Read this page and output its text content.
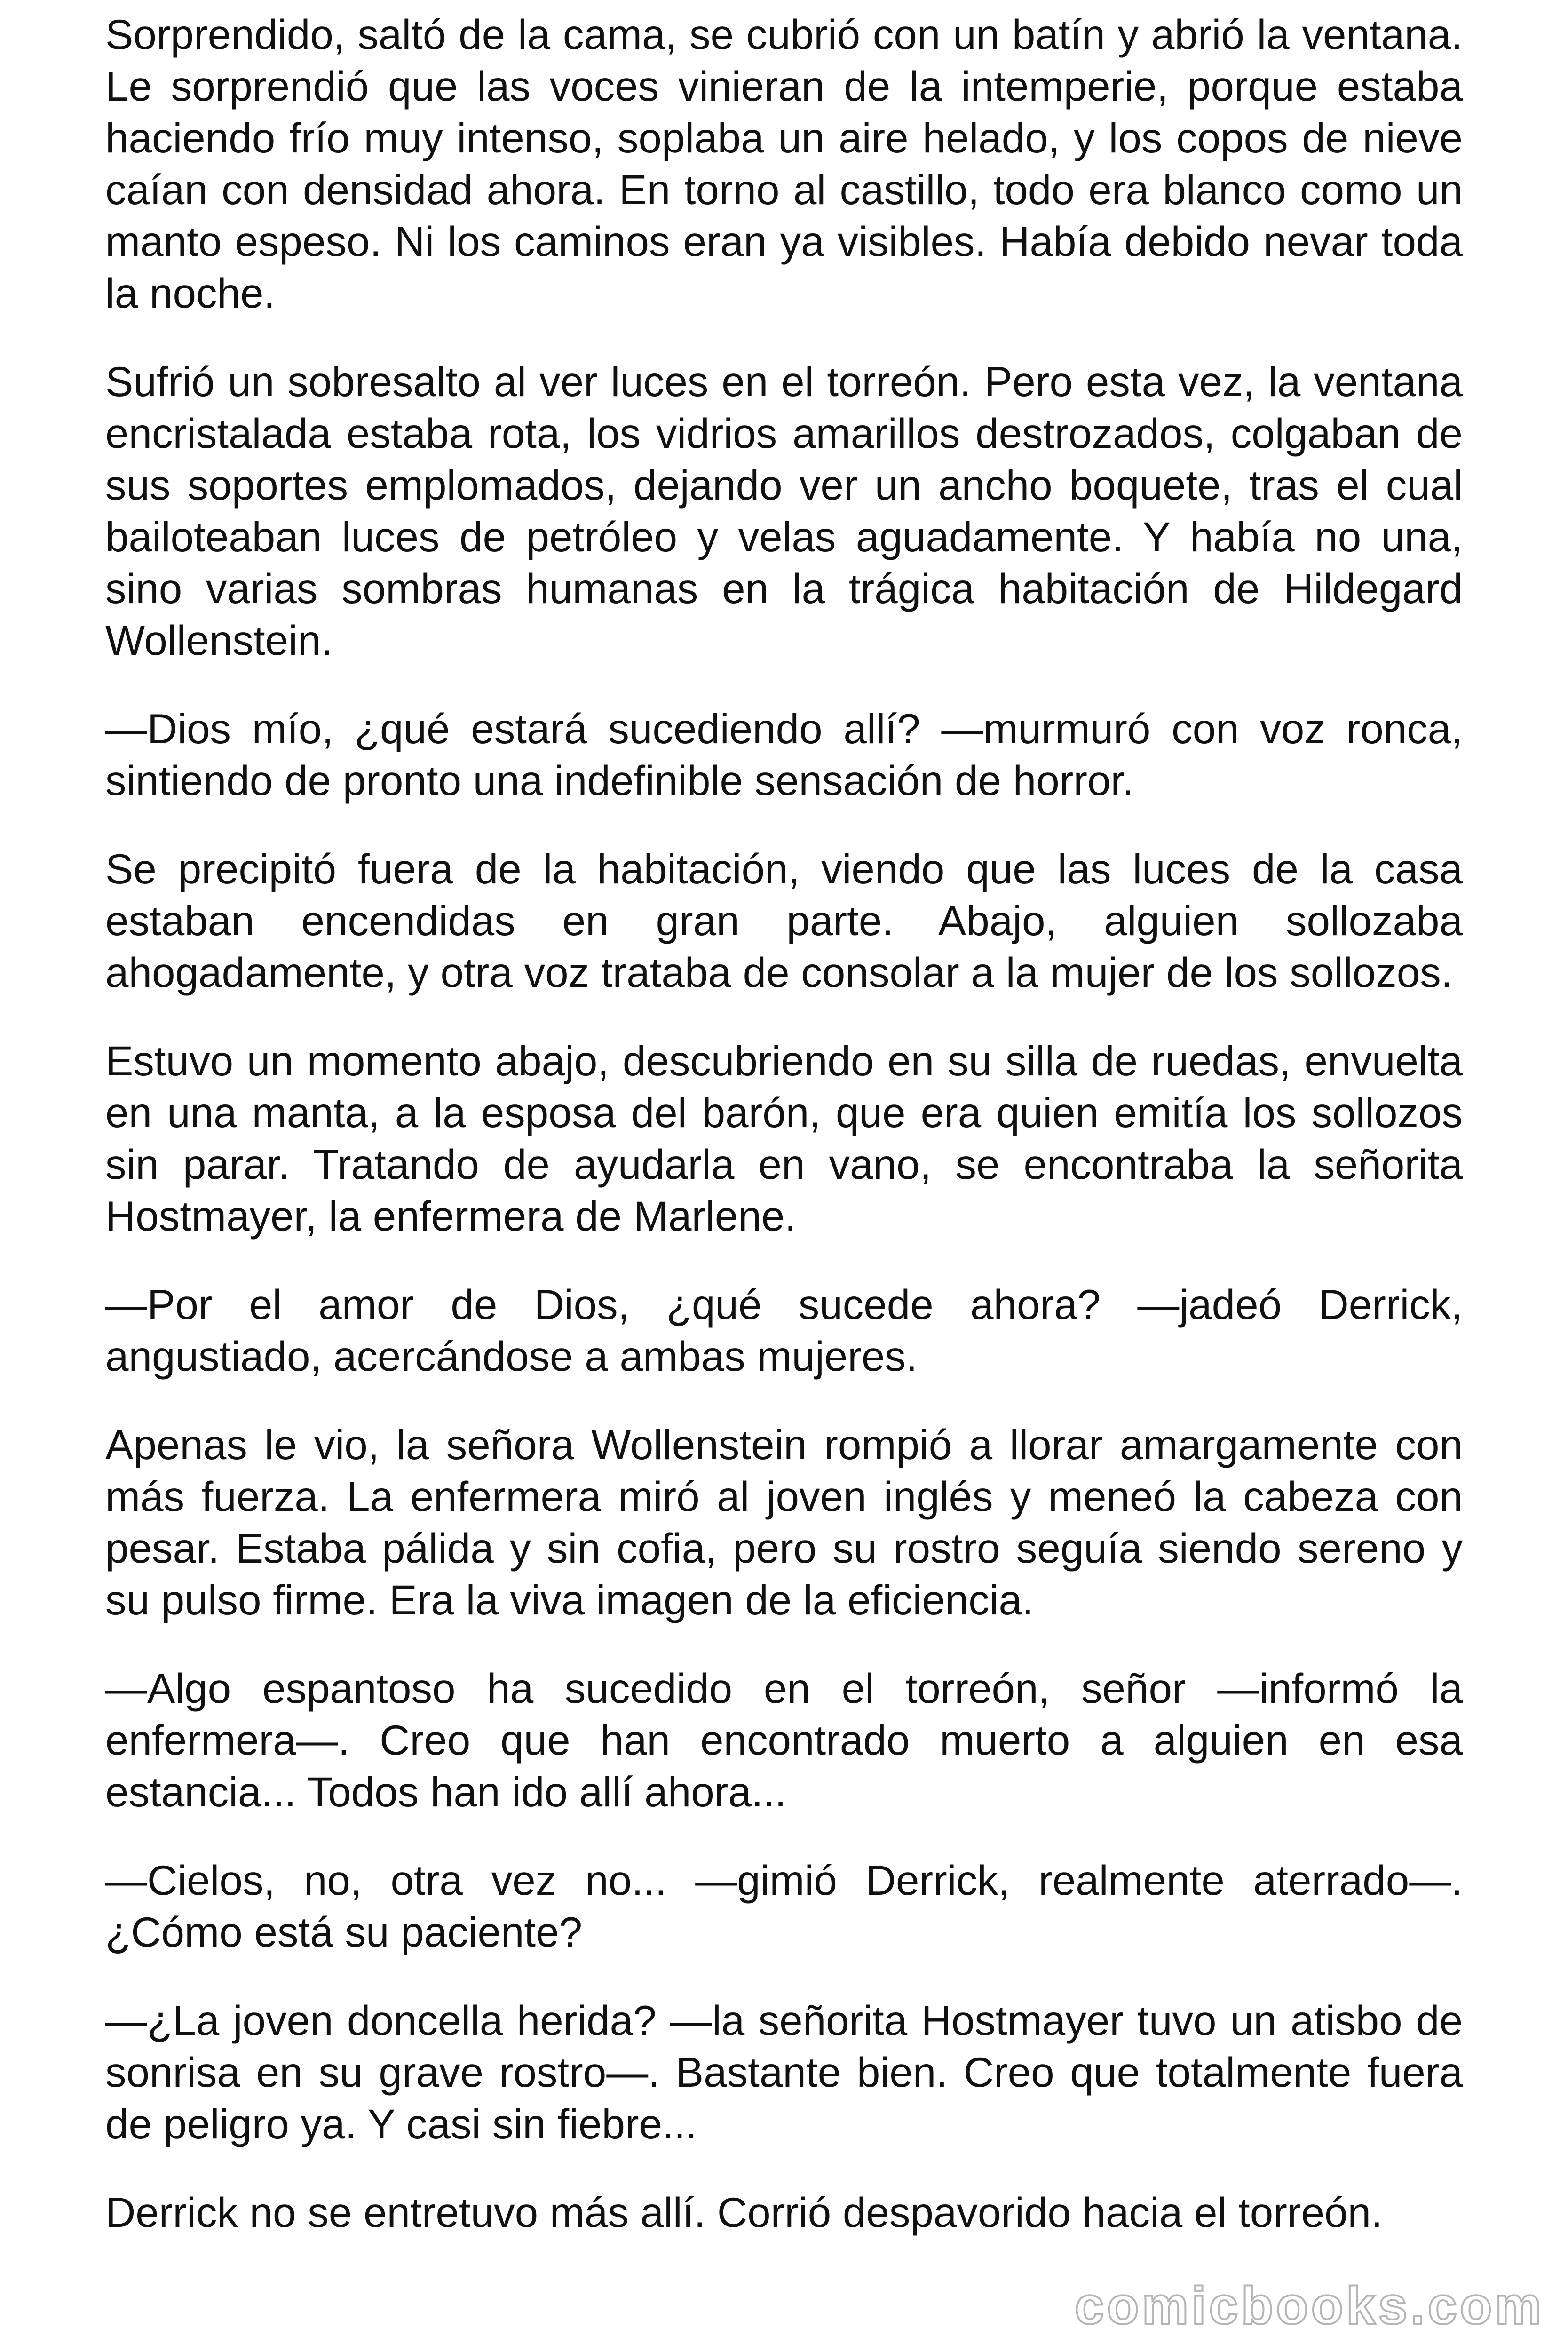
Sorprendido, saltó de la cama, se cubrió con un batín y abrió la ventana. Le sorprendió que las voces vinieran de la intemperie, porque estaba haciendo frío muy intenso, soplaba un aire helado, y los copos de nieve caían con densidad ahora. En torno al castillo, todo era blanco como un manto espeso. Ni los caminos eran ya visibles. Había debido nevar toda la noche.

Sufrió un sobresalto al ver luces en el torreón. Pero esta vez, la ventana encristalada estaba rota, los vidrios amarillos destrozados, colgaban de sus soportes emplomados, dejando ver un ancho boquete, tras el cual bailoteaban luces de petróleo y velas aguadamente. Y había no una, sino varias sombras humanas en la trágica habitación de Hildegard Wollenstein.

—Dios mío, ¿qué estará sucediendo allí? —murmuró con voz ronca, sintiendo de pronto una indefinible sensación de horror.

Se precipitó fuera de la habitación, viendo que las luces de la casa estaban encendidas en gran parte. Abajo, alguien sollozaba ahogadamente, y otra voz trataba de consolar a la mujer de los sollozos.

Estuvo un momento abajo, descubriendo en su silla de ruedas, envuelta en una manta, a la esposa del barón, que era quien emitía los sollozos sin parar. Tratando de ayudarla en vano, se encontraba la señorita Hostmayer, la enfermera de Marlene.

—Por el amor de Dios, ¿qué sucede ahora? —jadeó Derrick, angustiado, acercándose a ambas mujeres.

Apenas le vio, la señora Wollenstein rompió a llorar amargamente con más fuerza. La enfermera miró al joven inglés y meneó la cabeza con pesar. Estaba pálida y sin cofia, pero su rostro seguía siendo sereno y su pulso firme. Era la viva imagen de la eficiencia.

—Algo espantoso ha sucedido en el torreón, señor —informó la enfermera—. Creo que han encontrado muerto a alguien en esa estancia... Todos han ido allí ahora...

—Cielos, no, otra vez no... —gimió Derrick, realmente aterrado—. ¿Cómo está su paciente?

—¿La joven doncella herida? —la señorita Hostmayer tuvo un atisbo de sonrisa en su grave rostro—. Bastante bien. Creo que totalmente fuera de peligro ya. Y casi sin fiebre...

Derrick no se entretuvo más allí. Corrió despavorido hacia el torreón.

comicbooks.com
